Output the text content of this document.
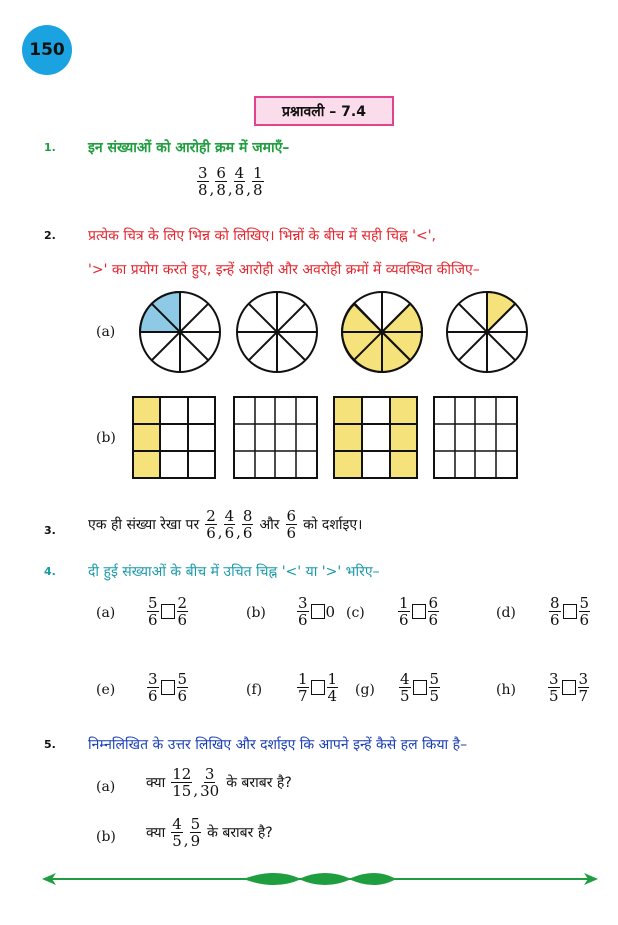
150
प्रश्नावली – 7.4
1. इन संख्याओं को आरोही क्रम में जमाएँ–
$\frac{3}{8}$ , $\frac{6}{8}$ , $\frac{4}{8}$ , $\frac{1}{8}$
2. प्रत्येक चित्र के लिए भिन्न को लिखिए। भिन्नों के बीच में सही चिह्न '<',
'>' का प्रयोग करते हुए, इन्हें आरोही और अवरोही क्रमों में व्यवस्थित कीजिए–
(a)
(b)
3. एक ही संख्या रेखा पर $\frac{2}{6}$ , $\frac{4}{6}$ , $\frac{8}{6}$ और $\frac{6}{6}$ को दर्शाइए।
4. दी हुई संख्याओं के बीच में उचित चिह्न '<' या '>' भरिए–
$(a) \frac{5}{6} \frac{2}{6}$	$(b) \frac{3}{6} 0$ $(c) \frac{1}{6} \frac{6}{6}$	$(d) \frac{8}{6} \frac{5}{6}$
$(e) \frac{3}{6} \frac{5}{6}$	$(f) \frac{1}{7} \frac{1}{4} (g) \frac{4}{5} \frac{5}{5}$	$(h) \frac{3}{5} \frac{3}{7}$
5. निम्नलिखित के उत्तर लिखिए और दर्शाइए कि आपने इन्हें कैसे हल किया है–
(a) क्या $\frac{12}{15}$ , $\frac{3}{30}$ के बराबर है?
(b) क्या $\frac{4}{5}$ , $\frac{5}{9}$ के बराबर है?
